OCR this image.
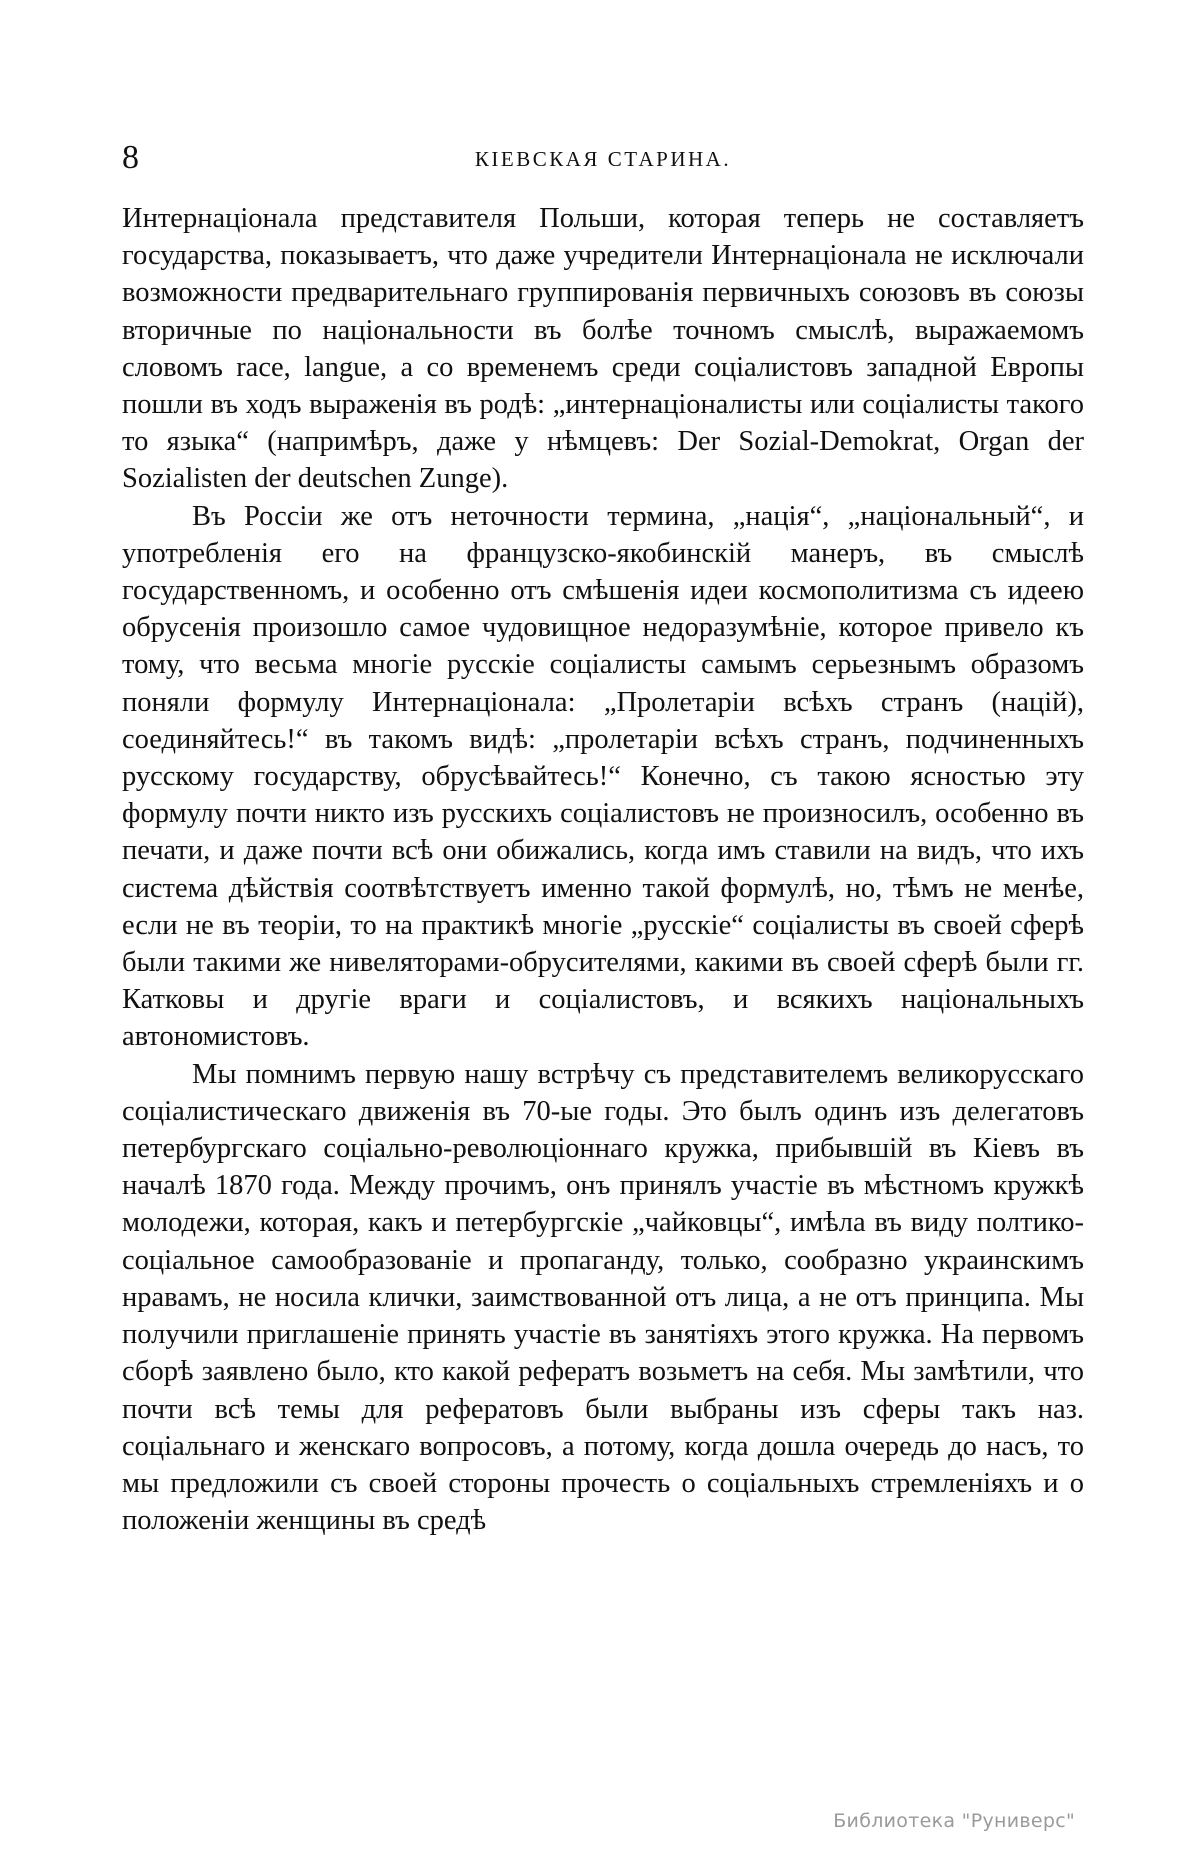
8	КІЕВСКАЯ СТАРИНА.

Интернаціонала представителя Польши, которая теперь не составляетъ государства, показываетъ, что даже учредители Интернаціонала не исключали возможности предварительнаго группированія первичныхъ союзовъ въ союзы вторичные по національности въ болѣе точномъ смыслѣ, выражаемомъ словомъ race, langue, а со временемъ среди соціалистовъ западной Европы пошли въ ходъ выраженія въ родѣ: „интернаціоналисты или соціалисты такого то языка“ (напримѣръ, даже у нѣмцевъ: Der Sozial-Demokrat, Organ der Sozialisten der deutschen Zunge).

Въ Россіи же отъ неточности термина, „нація“, „національный“, и употребленія его на французско-якобинскій манеръ, въ смыслѣ государственномъ, и особенно отъ смѣшенія идеи космополитизма съ идеею обрусенія произошло самое чудовищное недоразумѣніе, которое привело къ тому, что весьма многіе русскіе соціалисты самымъ серьезнымъ образомъ поняли формулу Интернаціонала: „Пролетаріи всѣхъ странъ (націй), соединяйтесь!“ въ такомъ видѣ: „пролетаріи всѣхъ странъ, подчиненныхъ русскому государству, обрусѣвайтесь!“ Конечно, съ такою ясностью эту формулу почти никто изъ русскихъ соціалистовъ не произносилъ, особенно въ печати, и даже почти всѣ они обижались, когда имъ ставили на видъ, что ихъ система дѣйствія соотвѣтствуетъ именно такой формулѣ, но, тѣмъ не менѣе, если не въ теоріи, то на практикѣ многіе „русскіе“ соціалисты въ своей сферѣ были такими же нивеляторами-обрусителями, какими въ своей сферѣ были гг. Катковы и другіе враги и соціалистовъ, и всякихъ національныхъ автономистовъ.

Мы помнимъ первую нашу встрѣчу съ представителемъ великорусскаго соціалистическаго движенія въ 70-ые годы. Это былъ одинъ изъ делегатовъ петербургскаго соціально-революціоннаго кружка, прибывшій въ Кіевъ въ началѣ 1870 года. Между прочимъ, онъ принялъ участіе въ мѣстномъ кружкѣ молодежи, которая, какъ и петербургскіе „чайковцы“, имѣла въ виду полтико-соціальное самообразованіе и пропаганду, только, сообразно украинскимъ нравамъ, не носила клички, заимствованной отъ лица, а не отъ принципа. Мы получили приглашеніе принять участіе въ занятіяхъ этого кружка. На первомъ сборѣ заявлено было, кто какой рефератъ возьметъ на себя. Мы замѣтили, что почти всѣ темы для рефератовъ были выбраны изъ сферы такъ наз. соціальнаго и женскаго вопросовъ, а потому, когда дошла очередь до насъ, то мы предложили съ своей стороны прочесть о соціальныхъ стремленіяхъ и о положеніи женщины въ средѣ

Библиотека "Руниверс"
